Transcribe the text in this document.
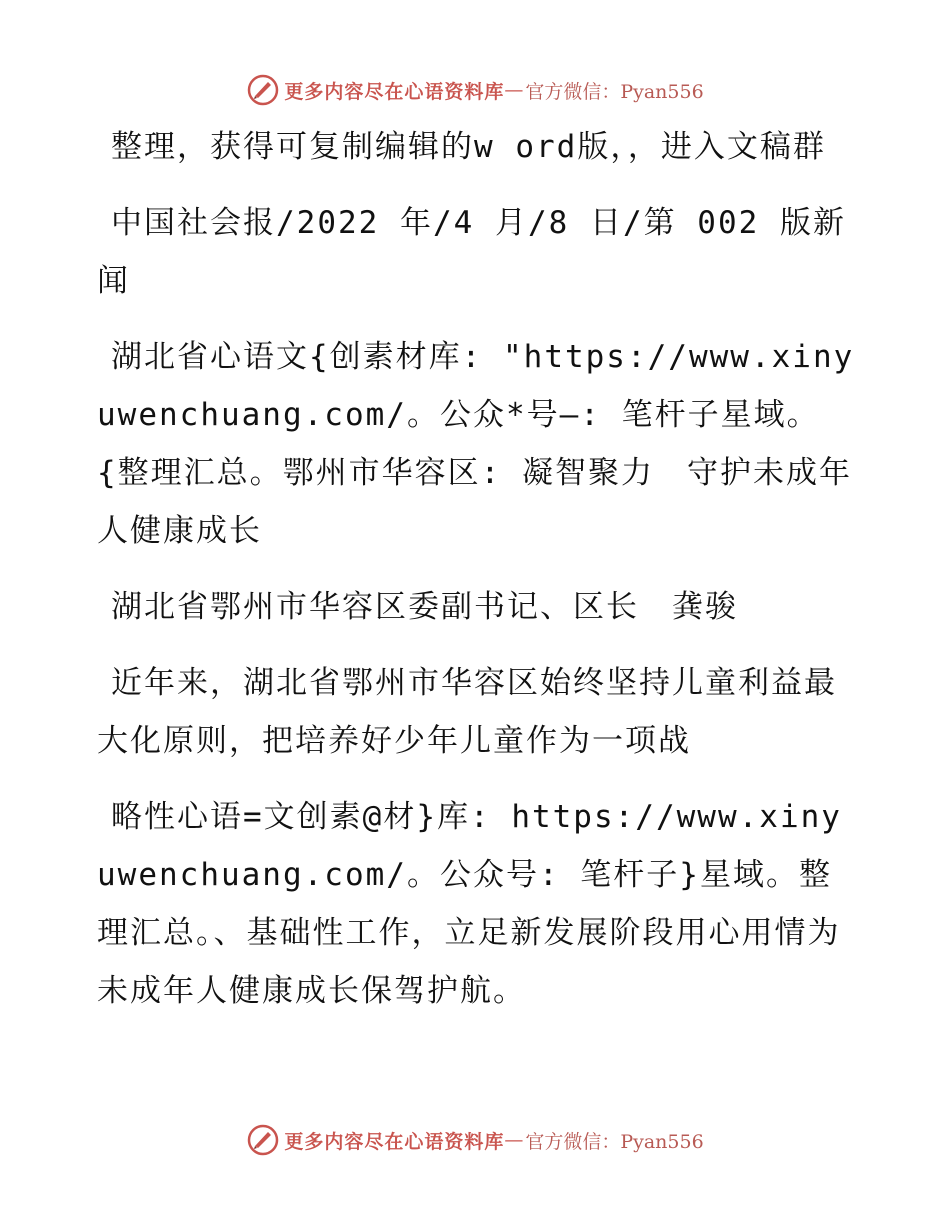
更多内容尽在心语资料库 — 官方微信：Pyan556

整理，获得可复制编辑的w ord版，，进入文稿群

中国社会报/2022 年/4 月/8 日/第 002 版新闻

湖北省心语文{创素材库: "https://www.xinyuwenchuang.com/。公众*号—: 笔杆子星域。{整理汇总。鄂州市华容区: 凝智聚力　守护未成年人健康成长

湖北省鄂州市华容区委副书记、区长　龚骏

近年来，湖北省鄂州市华容区始终坚持儿童利益最大化原则，把培养好少年儿童作为一项战

略性心语=文创素@材}库: https://www.xinyuwenchuang.com/。公众号: 笔杆子}星域。整理汇总。、基础性工作，立足新发展阶段用心用情为未成年人健康成长保驾护航。

更多内容尽在心语资料库 — 官方微信：Pyan556
